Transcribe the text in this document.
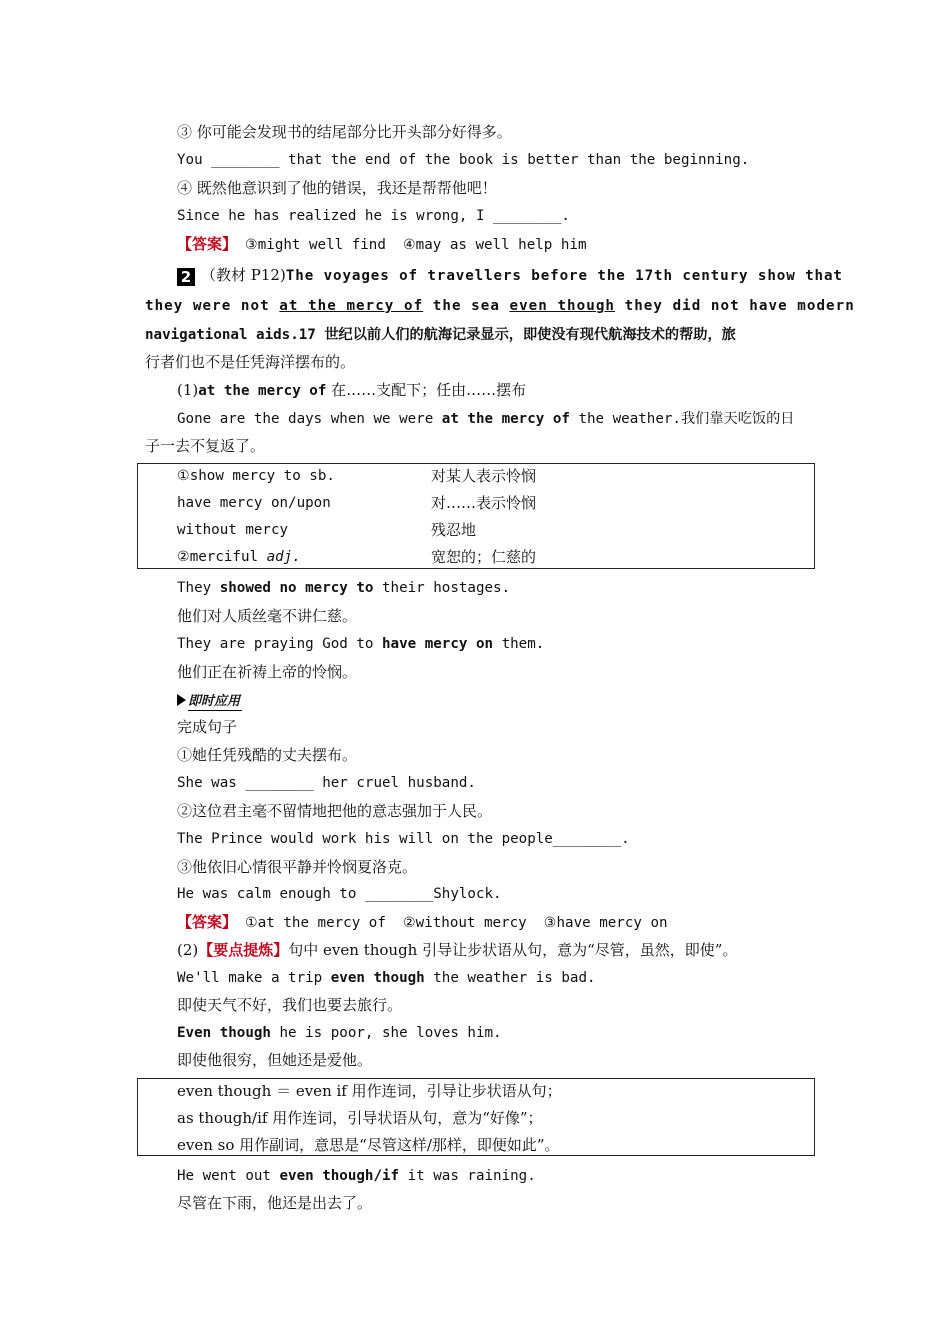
③ 你可能会发现书的结尾部分比开头部分好得多。
You ________ that the end of the book is better than the beginning.
④ 既然他意识到了他的错误，我还是帮帮他吧！
Since he has realized he is wrong, I ________.
【答案】 ③might well find  ④may as well help him
2 （教材 P12)The voyages of travellers before the 17th century show that
they were not at the mercy of the sea even though they did not have modern
navigational aids.17 世纪以前人们的航海记录显示，即使没有现代航海技术的帮助，旅
行者们也不是任凭海洋摆布的。
(1)at the mercy of 在……支配下；任由……摆布
Gone are the days when we were at the mercy of the weather.我们靠天吃饭的日
子一去不复返了。
①show mercy to sb.	对某人表示怜悯
have mercy on/upon	对……表示怜悯
without mercy	残忍地
②merciful adj.	宽恕的；仁慈的
They showed no mercy to their hostages.
他们对人质丝毫不讲仁慈。
They are praying God to have mercy on them.
他们正在祈祷上帝的怜悯。
即时应用
完成句子
①她任凭残酷的丈夫摆布。
She was ________ her cruel husband.
②这位君主毫不留情地把他的意志强加于人民。
The Prince would work his will on the people________.
③他依旧心情很平静并怜悯夏洛克。
He was calm enough to ________Shylock.
【答案】 ①at the mercy of  ②without mercy  ③have mercy on
(2)【要点提炼】句中 even though 引导让步状语从句，意为“尽管，虽然，即使”。
We'll make a trip even though the weather is bad.
即使天气不好，我们也要去旅行。
Even though he is poor, she loves him.
即使他很穷，但她还是爱他。
even though ＝ even if 用作连词，引导让步状语从句；
as though/if 用作连词，引导状语从句，意为“好像”；
even so 用作副词，意思是“尽管这样/那样，即便如此”。
He went out even though/if it was raining.
尽管在下雨，他还是出去了。
